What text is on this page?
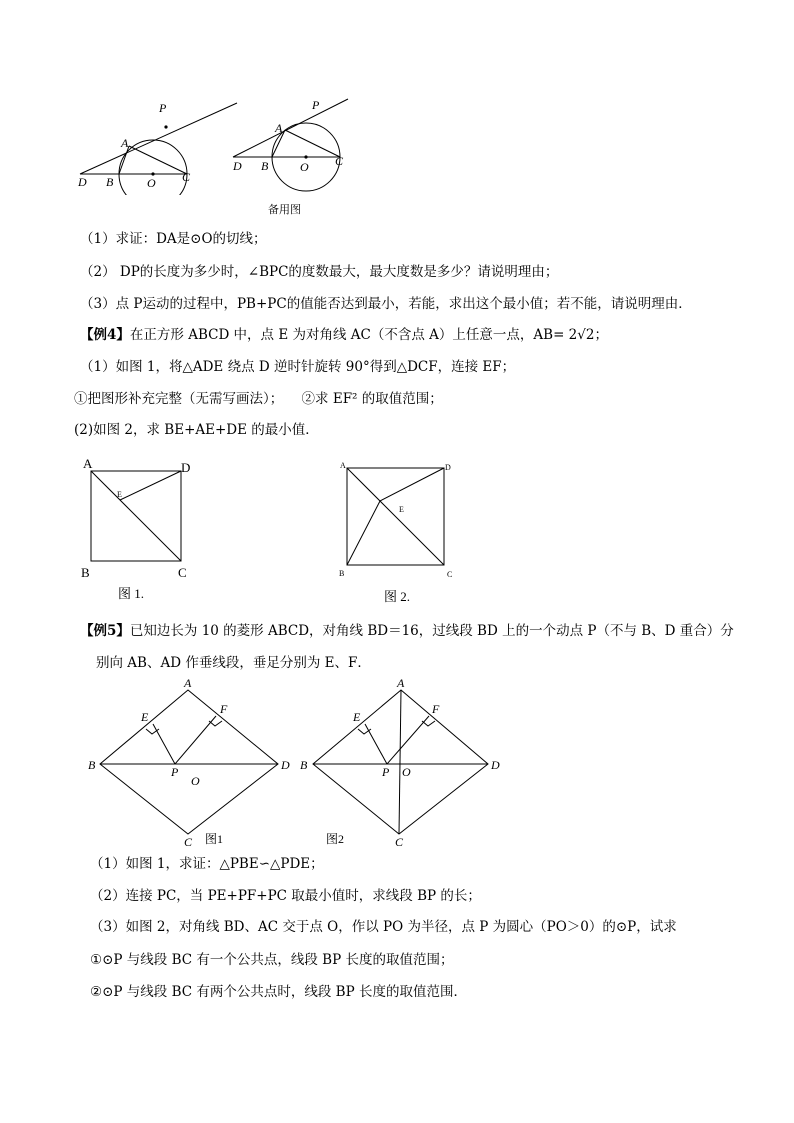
P
A
D B	O C
P
A
D B	O C
备用图
（1）求证：DA是⊙O的切线；
（2） DP的长度为多少时，∠BPC的度数最大，最大度数是多少？请说明理由；
（3）点 P运动的过程中，PB+PC的值能否达到最小，若能，求出这个最小值；若不能，请说明理由．
【例4】在正方形 ABCD 中，点 E 为对角线 AC（不含点 A）上任意一点，AB= 2√2；
（1）如图 1，将△ADE 绕点 D 逆时针旋转 90°得到△DCF，连接 EF；
①把图形补充完整（无需写画法）； ②求 EF² 的取值范围；
(2)如图 2，求 BE+AE+DE 的最小值．
A	D
B	C
E
图 1.
A	D
B	C
E
图 2.
【例5】已知边长为 10 的菱形 ABCD，对角线 BD＝16，过线段 BD 上的一个动点 P（不与 B、D 重合）分
别向 AB、AD 作垂线段，垂足分别为 E、F．
A
B	D
C
E
F
P
O
图1
A
B	D
C
E
F
P O
图2
（1）如图 1，求证：△PBE∽△PDE；
（2）连接 PC，当 PE+PF+PC 取最小值时，求线段 BP 的长；
（3）如图 2，对角线 BD、AC 交于点 O，作以 PO 为半径，点 P 为圆心（PO＞0）的⊙P，试求
①⊙P 与线段 BC 有一个公共点，线段 BP 长度的取值范围；
②⊙P 与线段 BC 有两个公共点时，线段 BP 长度的取值范围．
